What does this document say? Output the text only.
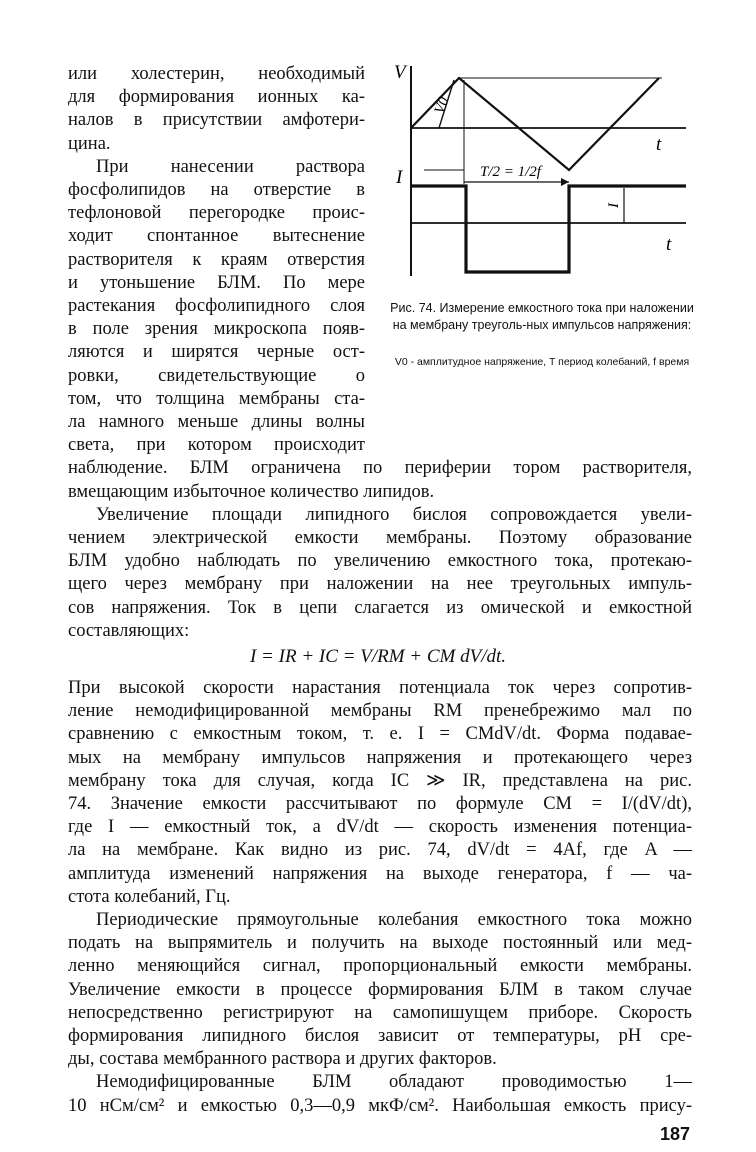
V
V0
t
T/2 = 1/2f
I
I
t
Рис. 74. Измерение емкостного тока при наложении на мембрану треуголь-ных импульсов напряжения:
V0 - амплитудное напряжение, T период колебаний, f время

или холестерин, необходимый

для формирования ионных ка-

налов в присутствии амфотери-

цина.

При нанесении раствора

фосфолипидов на отверстие в

тефлоновой перегородке проис-

ходит спонтанное вытеснение

растворителя к краям отверстия

и утоньшение БЛМ. По мере

растекания фосфолипидного слоя

в поле зрения микроскопа появ-

ляются и ширятся черные ост-

ровки, свидетельствующие о

том, что толщина мембраны ста-

ла намного меньше длины волны

света, при котором происходит

наблюдение. БЛМ ограничена по периферии тором растворителя,

вмещающим избыточное количество липидов.

Увеличение площади липидного бислоя сопровождается увели-

чением электрической емкости мембраны. Поэтому образование

БЛМ удобно наблюдать по увеличению емкостного тока, протекаю-

щего через мембрану при наложении на нее треугольных импуль-

сов напряжения. Ток в цепи слагается из омической и емкостной

составляющих:

I = IR + IC = V/RM + CM dV/dt.

При высокой скорости нарастания потенциала ток через сопротив-

ление немодифицированной мембраны RM пренебрежимо мал по

сравнению с емкостным током, т. е. I = CMdV/dt. Форма подавае-

мых на мембрану импульсов напряжения и протекающего через

мембрану тока для случая, когда IC ≫ IR, представлена на рис.

74. Значение емкости рассчитывают по формуле CM = I/(dV/dt),

где I — емкостный ток, а dV/dt — скорость изменения потенциа-

ла на мембране. Как видно из рис. 74, dV/dt = 4Af, где A —

амплитуда изменений напряжения на выходе генератора, f — ча-

стота колебаний, Гц.

Периодические прямоугольные колебания емкостного тока можно

подать на выпрямитель и получить на выходе постоянный или мед-

ленно меняющийся сигнал, пропорциональный емкости мембраны.

Увеличение емкости в процессе формирования БЛМ в таком случае

непосредственно регистрируют на самопишущем приборе. Скорость

формирования липидного бислоя зависит от температуры, pH сре-

ды, состава мембранного раствора и других факторов.

Немодифицированные БЛМ обладают проводимостью 1—

10 нСм/см² и емкостью 0,3—0,9 мкФ/см². Наибольшая емкость прису-

187
